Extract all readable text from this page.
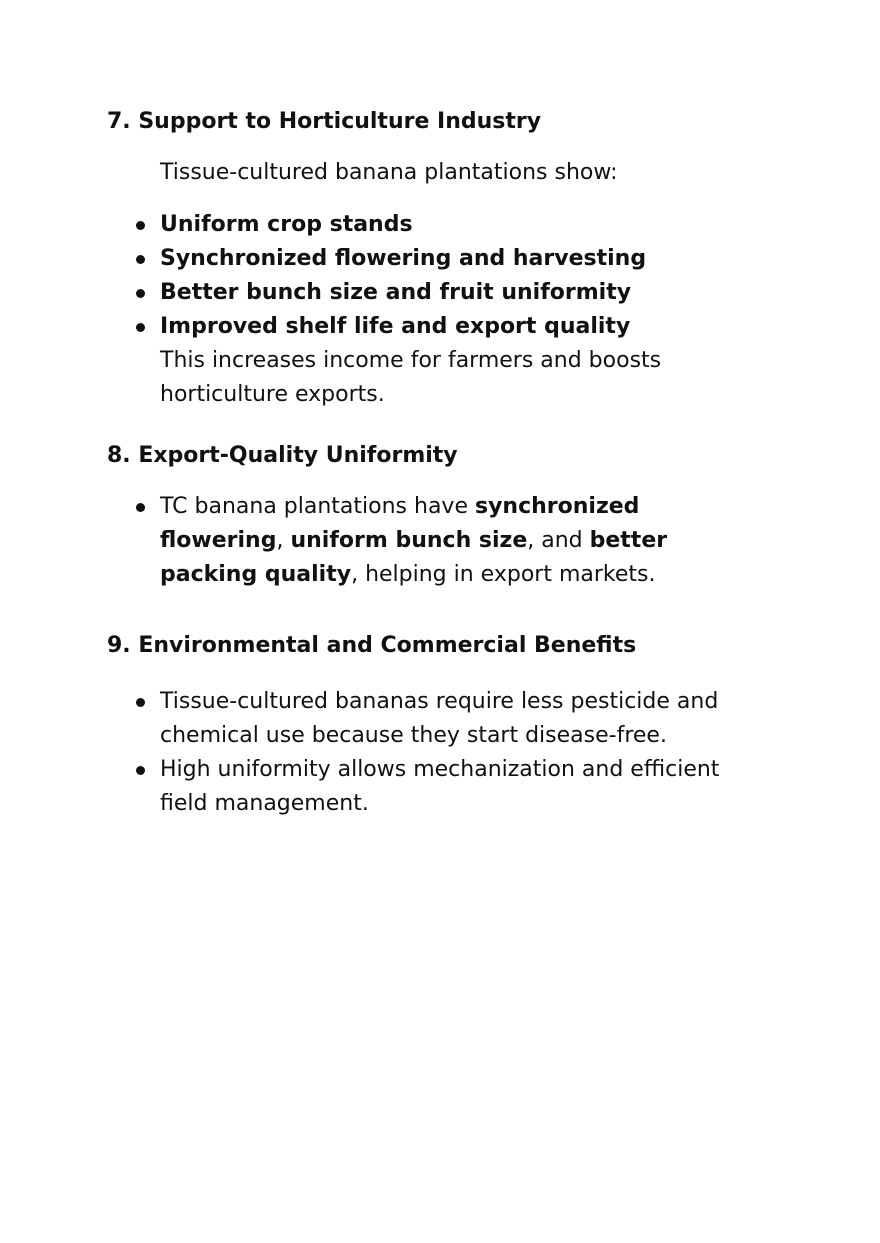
7. Support to Horticulture Industry

Tissue-cultured banana plantations show:

Uniform crop stands
Synchronized flowering and harvesting
Better bunch size and fruit uniformity
Improved shelf life and export quality
This increases income for farmers and boosts horticulture exports.
8. Export-Quality Uniformity
TC banana plantations have synchronized flowering, uniform bunch size, and better packing quality, helping in export markets.
9. Environmental and Commercial Benefits
Tissue-cultured bananas require less pesticide and chemical use because they start disease-free.
High uniformity allows mechanization and efficient field management.
